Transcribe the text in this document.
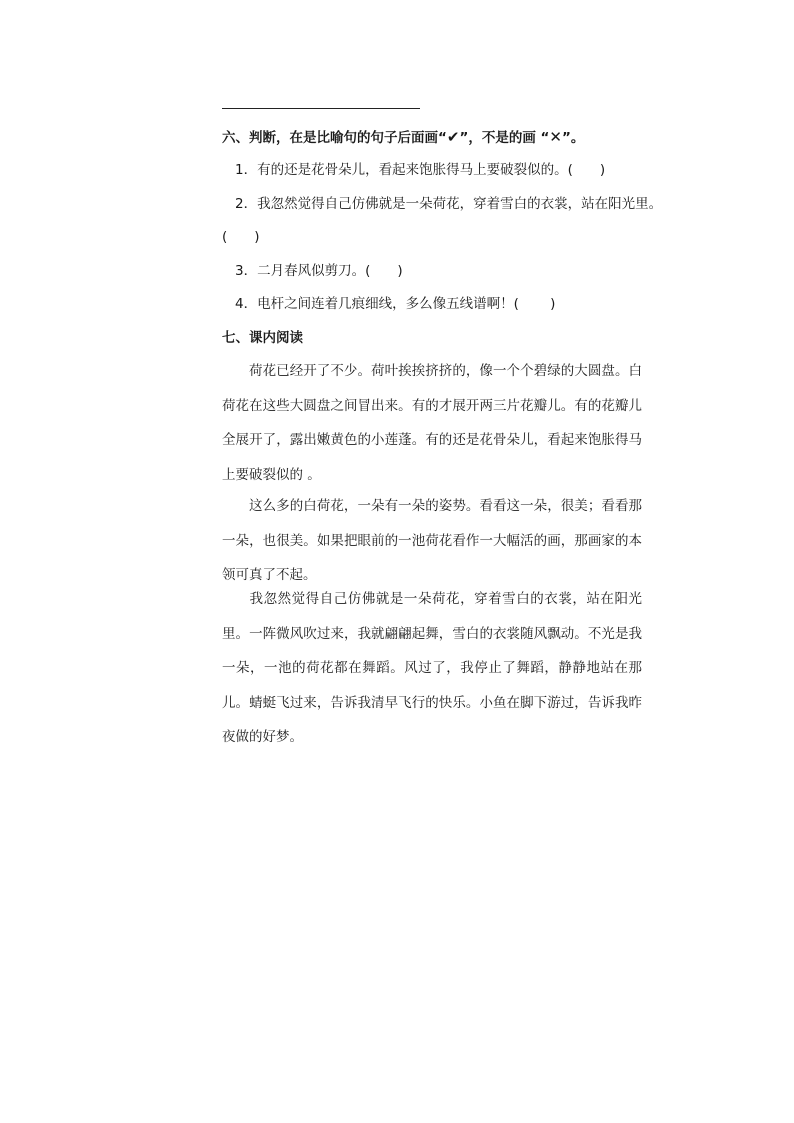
六、判断，在是比喻句的句子后面画“✔”，不是的画 “✕”。
1．有的还是花骨朵儿，看起来饱胀得马上要破裂似的。(　　)
2．我忽然觉得自己仿佛就是一朵荷花，穿着雪白的衣裳，站在阳光里。
(　　)
3．二月春风似剪刀。(　　)
4．电杆之间连着几痕细线，多么像五线谱啊！(　　 )
七、课内阅读
荷花已经开了不少。荷叶挨挨挤挤的，像一个个碧绿的大圆盘。白荷花在这些大圆盘之间冒出来。有的才展开两三片花瓣儿。有的花瓣儿全展开了，露出嫩黄色的小莲蓬。有的还是花骨朵儿，看起来饱胀得马上要破裂似的 。
这么多的白荷花，一朵有一朵的姿势。看看这一朵，很美；看看那一朵，也很美。如果把眼前的一池荷花看作一大幅活的画，那画家的本领可真了不起。
我忽然觉得自己仿佛就是一朵荷花，穿着雪白的衣裳，站在阳光里。一阵微风吹过来，我就翩翩起舞，雪白的衣裳随风飘动。不光是我一朵，一池的荷花都在舞蹈。风过了，我停止了舞蹈，静静地站在那儿。蜻蜓飞过来，告诉我清早飞行的快乐。小鱼在脚下游过，告诉我昨夜做的好梦。
